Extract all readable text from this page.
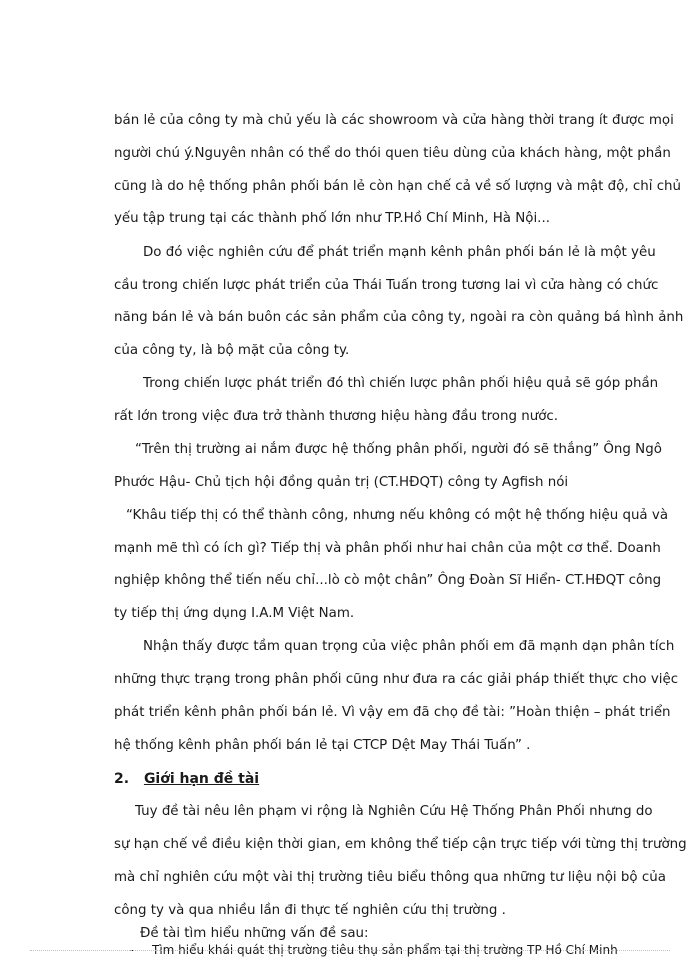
bán lẻ của công ty mà chủ yếu là các showroom và cửa hàng thời trang ít được mọi
người chú ý.Nguyên nhân có thể do thói quen tiêu dùng của khách hàng, một phần
cũng là do hệ thống phân phối bán lẻ còn hạn chế cả về số lượng và mật độ, chỉ chủ
yếu tập trung tại các thành phố lớn như TP.Hồ Chí Minh, Hà Nội...
Do đó việc nghiên cứu để phát triển mạnh kênh phân phối bán lẻ là một yêu
cầu trong chiến lược phát triển của Thái Tuấn trong tương lai vì cửa hàng có chức
năng bán lẻ và bán buôn các sản phẩm của công ty, ngoài ra còn quảng bá hình ảnh
của công ty, là bộ mặt của công ty.
Trong chiến lược phát triển đó thì chiến lược phân phối hiệu quả sẽ góp phần
rất lớn trong việc đưa trở thành thương hiệu hàng đầu trong nước.
“Trên thị trường ai nắm được hệ thống phân phối, người đó sẽ thắng” Ông Ngô
Phước Hậu- Chủ tịch hội đồng quản trị (CT.HĐQT) công ty Agfish nói
“Khâu tiếp thị có thể thành công, nhưng nếu không có một hệ thống hiệu quả và
mạnh mẽ thì có ích gì? Tiếp thị và phân phối như hai chân của một cơ thể. Doanh
nghiệp không thể tiến nếu chỉ...lò cò một chân” Ông Đoàn Sĩ Hiển- CT.HĐQT công
ty tiếp thị ứng dụng I.A.M Việt Nam.
Nhận thấy được tầm quan trọng của việc phân phối em đã mạnh dạn phân tích
những thực trạng trong phân phối cũng như đưa ra các giải pháp thiết thực cho việc
phát triển kênh phân phối bán lẻ. Vì vậy em đã chọ đề tài: ”Hoàn thiện – phát triển
hệ thống kênh phân phối bán lẻ tại CTCP Dệt May Thái Tuấn” .
2. Giới hạn đề tài
Tuy đề tài nêu lên phạm vi rộng là Nghiên Cứu Hệ Thống Phân Phối nhưng do
sự hạn chế về điều kiện thời gian, em không thể tiếp cận trực tiếp với từng thị trường
mà chỉ nghiên cứu một vài thị trường tiêu biểu thông qua những tư liệu nội bộ của
công ty và qua nhiều lần đi thực tế nghiên cứu thị trường .
Đề tài tìm hiểu những vấn đề sau:
- Tìm hiểu khái quát thị trường tiêu thụ sản phẩm tại thị trường TP Hồ Chí Minh
